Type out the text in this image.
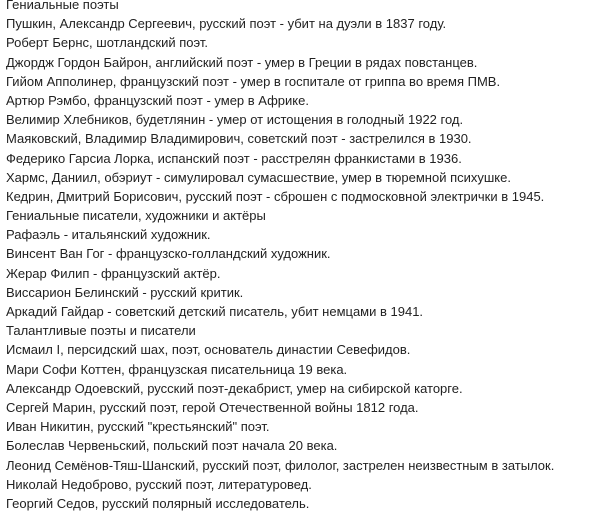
Гениальные поэты
Пушкин, Александр Сергеевич, русский поэт - убит на дуэли в 1837 году.
Роберт Бернс, шотландский поэт.
Джордж Гордон Байрон, английский поэт - умер в Греции в рядах повстанцев.
Гийом Апполинер, французский поэт - умер в госпитале от гриппа во время ПМВ.
Артюр Рэмбо, французский поэт - умер в Африке.
Велимир Хлебников, будетлянин - умер от истощения в голодный 1922 год.
Маяковский, Владимир Владимирович, советский поэт - застрелился в 1930.
Федерико Гарсиа Лорка, испанский поэт - расстрелян франкистами в 1936.
Хармс, Даниил, обэриут - симулировал сумасшествие, умер в тюремной психушке.
Кедрин, Дмитрий Борисович, русский поэт - сброшен с подмосковной электрички в 1945.
Гениальные писатели, художники и актёры
Рафаэль - итальянский художник.
Винсент Ван Гог - французско-голландский художник.
Жерар Филип - французский актёр.
Виссарион Белинский - русский критик.
Аркадий Гайдар - советский детский писатель, убит немцами в 1941.
Талантливые поэты и писатели
Исмаил I, персидский шах, поэт, основатель династии Севефидов.
Мари Софи Коттен, французская писательница 19 века.
Александр Одоевский, русский поэт-декабрист, умер на сибирской каторге.
Сергей Марин, русский поэт, герой Отечественной войны 1812 года.
Иван Никитин, русский "крестьянский" поэт.
Болеслав Червеньский, польский поэт начала 20 века.
Леонид Семёнов-Тяш-Шанский, русский поэт, филолог, застрелен неизвестным в затылок.
Николай Недоброво, русский поэт, литературовед.
Георгий Седов, русский полярный исследователь.
